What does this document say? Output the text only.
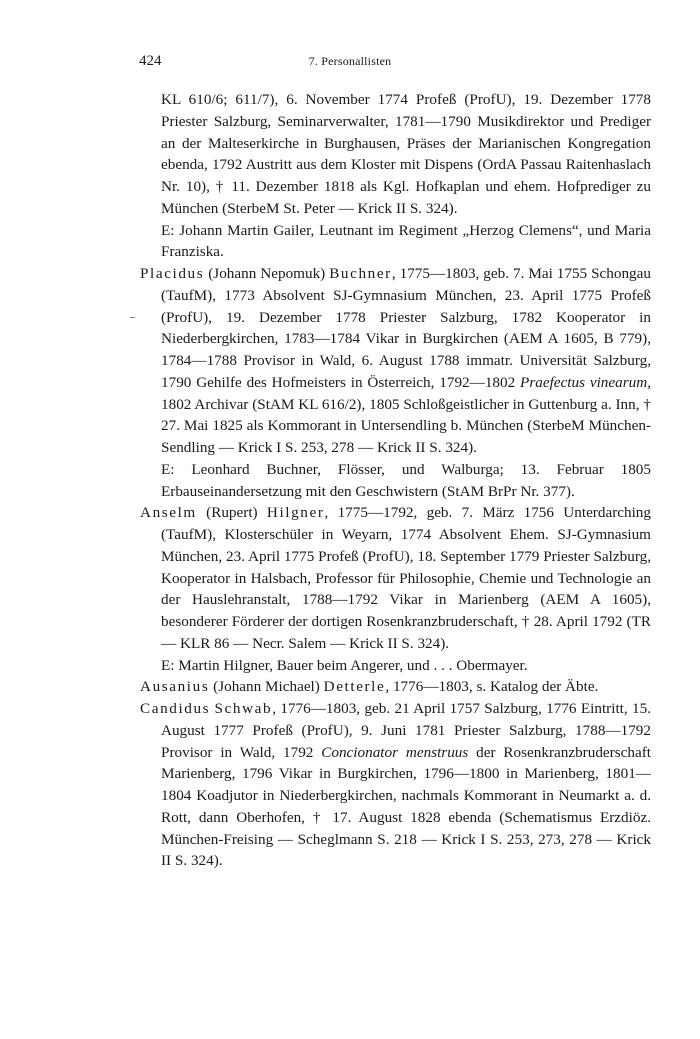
424	7. Personallisten

KL 610/6; 611/7), 6. November 1774 Profeß (ProfU), 19. Dezember 1778 Priester Salzburg, Seminarverwalter, 1781—1790 Musikdirektor und Prediger an der Malteserkirche in Burghausen, Präses der Marianischen Kongregation ebenda, 1792 Austritt aus dem Kloster mit Dispens (OrdA Passau Raitenhaslach Nr. 10), † 11. Dezember 1818 als Kgl. Hofkaplan und ehem. Hofprediger zu München (SterbeM St. Peter — Krick II S. 324).

E: Johann Martin Gailer, Leutnant im Regiment „Herzog Clemens“, und Maria Franziska.

Placidus (Johann Nepomuk) Buchner, 1775—1803, geb. 7. Mai 1755 Schongau (TaufM), 1773 Absolvent SJ-Gymnasium München, 23. April 1775 Profeß (ProfU), 19. Dezember 1778 Priester Salzburg, 1782 Kooperator in Niederbergkirchen, 1783—1784 Vikar in Burgkirchen (AEM A 1605, B 779), 1784—1788 Provisor in Wald, 6. August 1788 immatr. Universität Salzburg, 1790 Gehilfe des Hofmeisters in Österreich, 1792—1802 Praefectus vinearum, 1802 Archivar (StAM KL 616/2), 1805 Schloßgeistlicher in Guttenburg a. Inn, † 27. Mai 1825 als Kommorant in Untersendling b. München (SterbeM München-Sendling — Krick I S. 253, 278 — Krick II S. 324).

E: Leonhard Buchner, Flösser, und Walburga; 13. Februar 1805 Erbauseinandersetzung mit den Geschwistern (StAM BrPr Nr. 377).

Anselm (Rupert) Hilgner, 1775—1792, geb. 7. März 1756 Unterdarching (TaufM), Klosterschüler in Weyarn, 1774 Absolvent Ehem. SJ-Gymnasium München, 23. April 1775 Profeß (ProfU), 18. September 1779 Priester Salzburg, Kooperator in Halsbach, Professor für Philosophie, Chemie und Technologie an der Hauslehranstalt, 1788—1792 Vikar in Marienberg (AEM A 1605), besonderer Förderer der dortigen Rosenkranzbruderschaft, † 28. April 1792 (TR — KLR 86 — Necr. Salem — Krick II S. 324).

E: Martin Hilgner, Bauer beim Angerer, und . . . Obermayer.

Ausanius (Johann Michael) Detterle, 1776—1803, s. Katalog der Äbte.

Candidus Schwab, 1776—1803, geb. 21 April 1757 Salzburg, 1776 Eintritt, 15. August 1777 Profeß (ProfU), 9. Juni 1781 Priester Salzburg, 1788—1792 Provisor in Wald, 1792 Concionator menstruus der Rosenkranzbruderschaft Marienberg, 1796 Vikar in Burgkirchen, 1796—1800 in Marienberg, 1801—1804 Koadjutor in Niederbergkirchen, nachmals Kommorant in Neumarkt a. d. Rott, dann Oberhofen, † 17. August 1828 ebenda (Schematismus Erzdiöz. München-Freising — Scheglmann S. 218 — Krick I S. 253, 273, 278 — Krick II S. 324).
